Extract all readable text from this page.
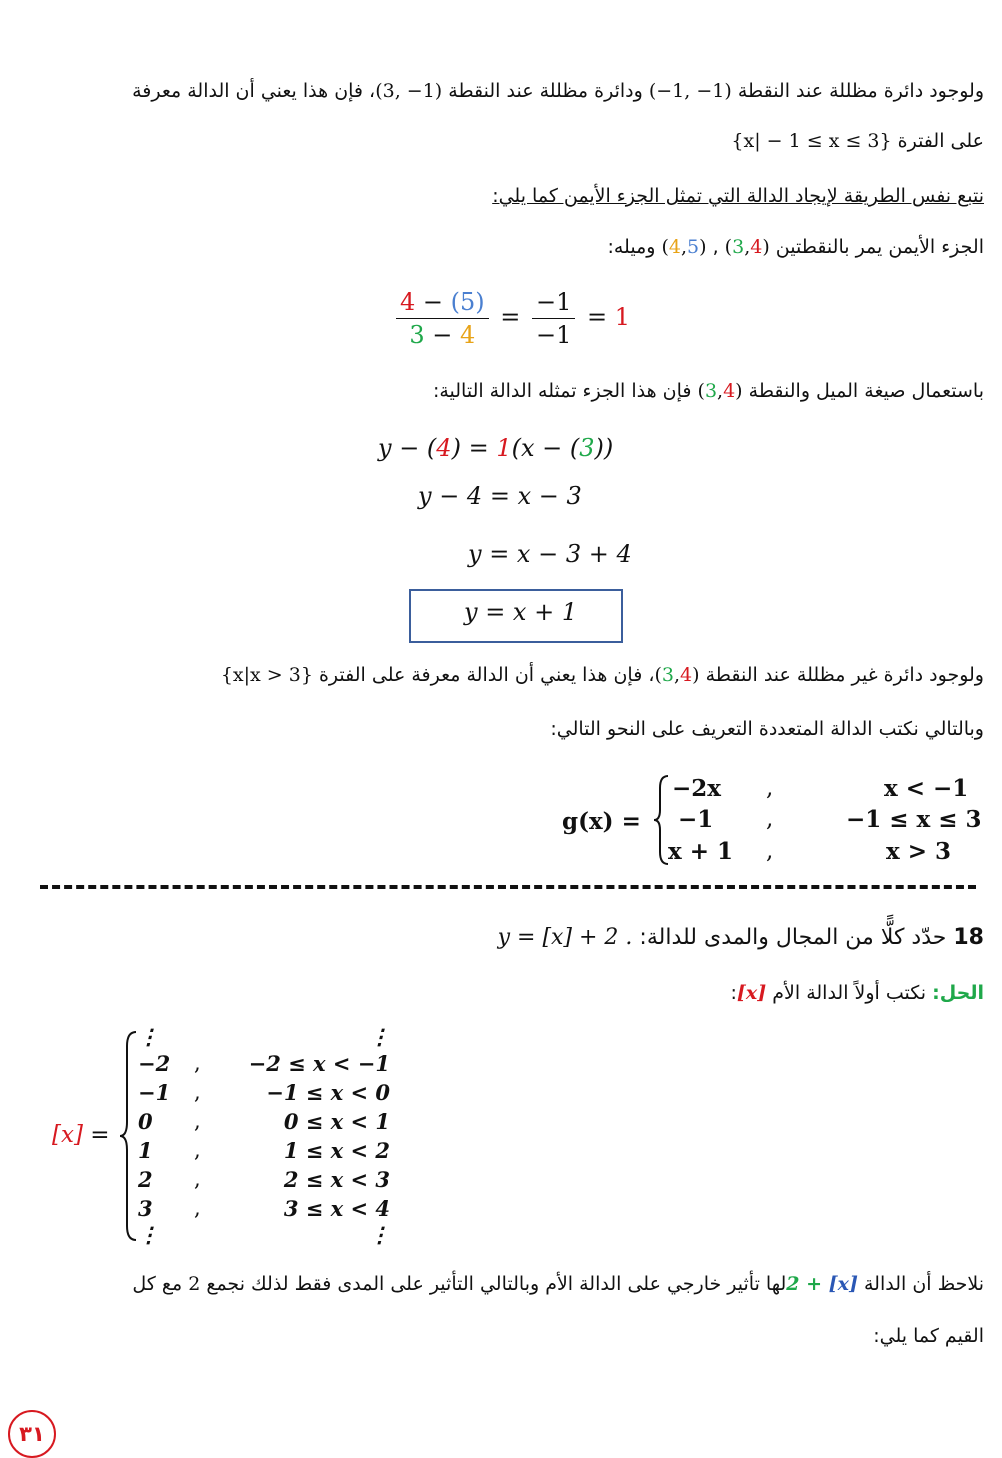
ولوجود دائرة مظللة عند النقطة (−1, −1) ودائرة مظللة عند النقطة (3, −1)، فإن هذا يعني أن الدالة معرفة
على الفترة {x| − 1 ≤ x ≤ 3}
نتبع نفس الطريقة لإيجاد الدالة التي تمثل الجزء الأيمن كما يلي:
الجزء الأيمن يمر بالنقطتين (3,4) , (4,5) وميله:
$\frac{4 - (5)}{3 - 4} = \frac{-1}{-1} = 1$
باستعمال صيغة الميل والنقطة (3,4) فإن هذا الجزء تمثله الدالة التالية:
y − (4) = 1(x − (3))
y − 4 = x − 3
y = x − 3 + 4
y = x + 1
ولوجود دائرة غير مظللة عند النقطة (3,4)، فإن هذا يعني أن الدالة معرفة على الفترة {x|x > 3}
وبالتالي نكتب الدالة المتعددة التعريف على النحو التالي:
g(x) =
−2x ,	x < −1
−1 ,	−1 ≤ x ≤ 3
x + 1 ,	x > 3
18 حدّد كلًّا من المجال والمدى للدالة: y = [x] + 2 .
الحل: نكتب أولاً الدالة الأم [x]:
[x] =
⋮	⋮
−2 , −2 ≤ x < −1
−1 ,	−1 ≤ x < 0
0 ,	0 ≤ x < 1
1 ,	1 ≤ x < 2
2 ,	2 ≤ x < 3
3 ,	3 ≤ x < 4
⋮	⋮
نلاحظ أن الدالة 2 + [x]لها تأثير خارجي على الدالة الأم وبالتالي التأثير على المدى فقط لذلك نجمع 2 مع كل
القيم كما يلي:
٣١
